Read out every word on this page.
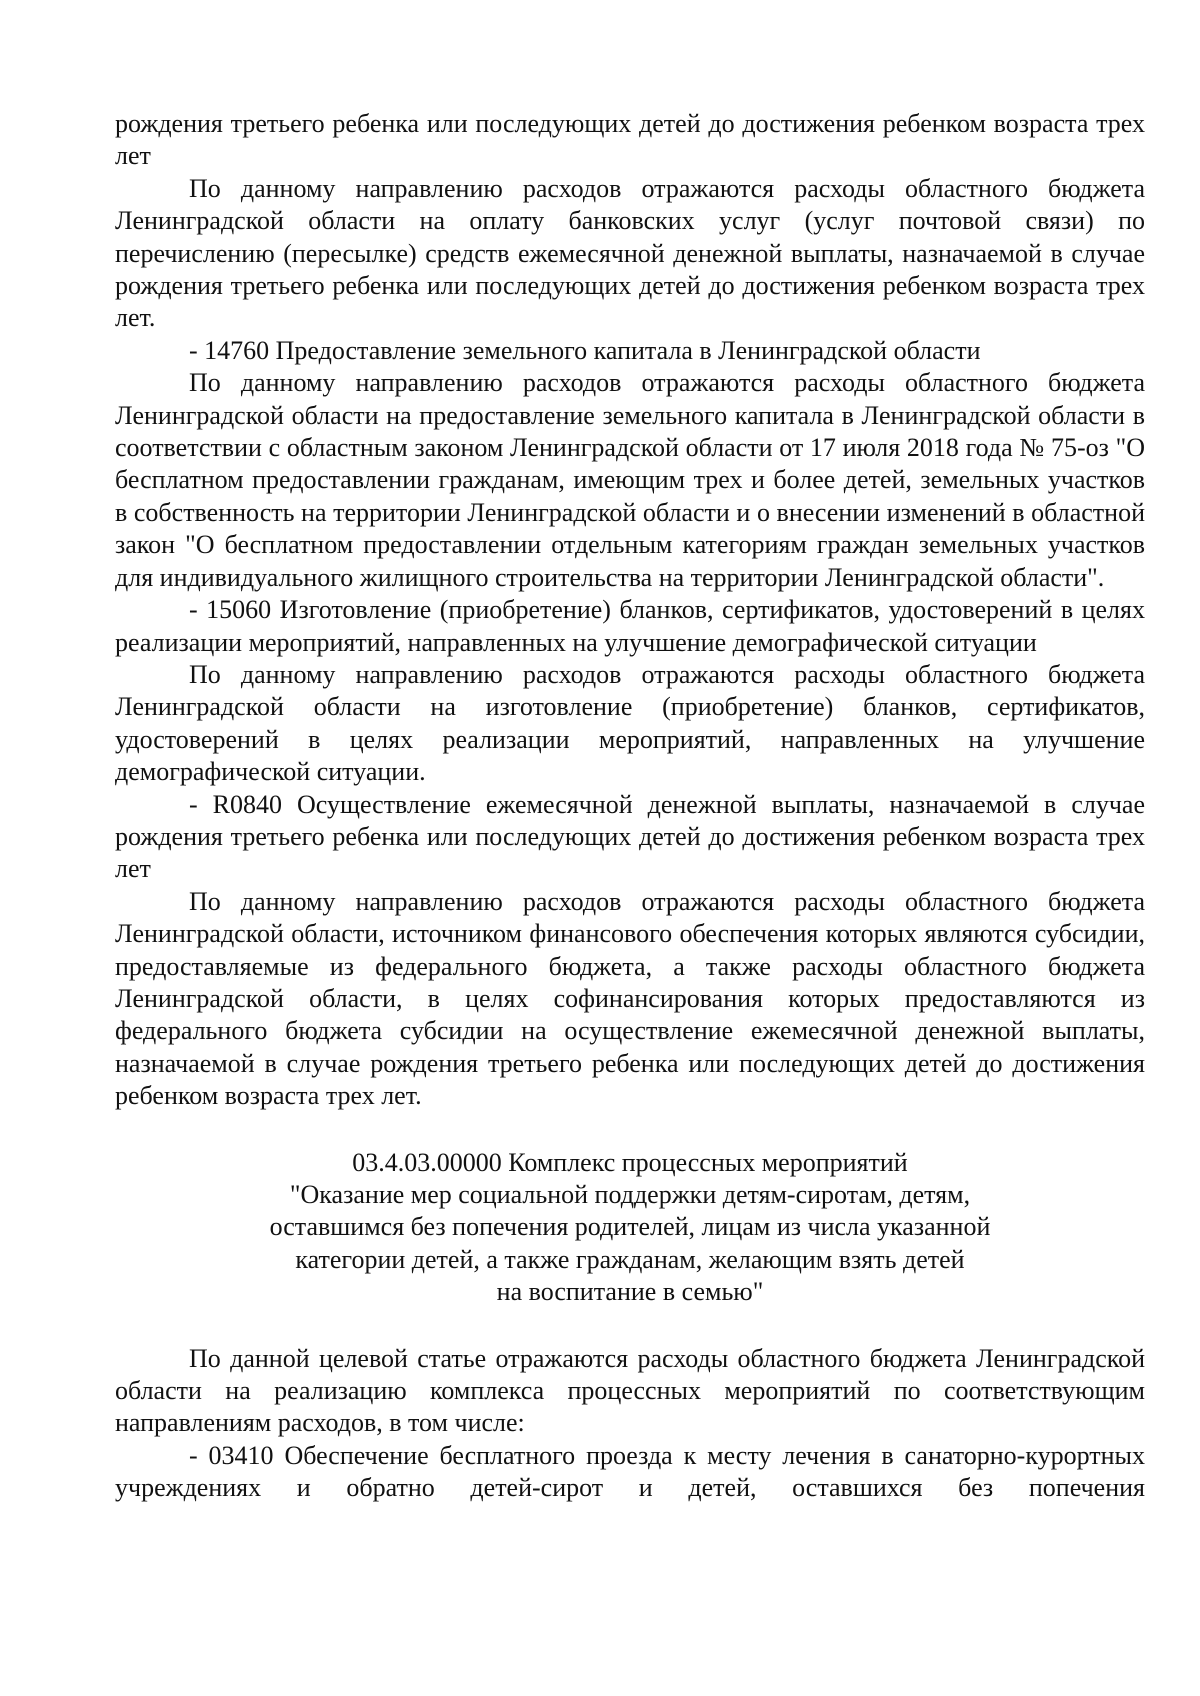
рождения третьего ребенка или последующих детей до достижения ребенком возраста трех лет

По данному направлению расходов отражаются расходы областного бюджета Ленинградской области на оплату банковских услуг (услуг почтовой связи) по перечислению (пересылке) средств ежемесячной денежной выплаты, назначаемой в случае рождения третьего ребенка или последующих детей до достижения ребенком возраста трех лет.

- 14760 Предоставление земельного капитала в Ленинградской области

По данному направлению расходов отражаются расходы областного бюджета Ленинградской области на предоставление земельного капитала в Ленинградской области в соответствии с областным законом Ленинградской области от 17 июля 2018 года № 75-оз "О бесплатном предоставлении гражданам, имеющим трех и более детей, земельных участков в собственность на территории Ленинградской области и о внесении изменений в областной закон "О бесплатном предоставлении отдельным категориям граждан земельных участков для индивидуального жилищного строительства на территории Ленинградской области".

- 15060 Изготовление (приобретение) бланков, сертификатов, удостоверений в целях реализации мероприятий, направленных на улучшение демографической ситуации

По данному направлению расходов отражаются расходы областного бюджета Ленинградской области на изготовление (приобретение) бланков, сертификатов, удостоверений в целях реализации мероприятий, направленных на улучшение демографической ситуации.

- R0840 Осуществление ежемесячной денежной выплаты, назначаемой в случае рождения третьего ребенка или последующих детей до достижения ребенком возраста трех лет

По данному направлению расходов отражаются расходы областного бюджета Ленинградской области, источником финансового обеспечения которых являются субсидии, предоставляемые из федерального бюджета, а также расходы областного бюджета Ленинградской области, в целях софинансирования которых предоставляются из федерального бюджета субсидии на осуществление ежемесячной денежной выплаты, назначаемой в случае рождения третьего ребенка или последующих детей до достижения ребенком возраста трех лет.

03.4.03.00000 Комплекс процессных мероприятий
"Оказание мер социальной поддержки детям-сиротам, детям,
оставшимся без попечения родителей, лицам из числа указанной
категории детей, а также гражданам, желающим взять детей
на воспитание в семью"

По данной целевой статье отражаются расходы областного бюджета Ленинградской области на реализацию комплекса процессных мероприятий по соответствующим направлениям расходов, в том числе:

- 03410 Обеспечение бесплатного проезда к месту лечения в санаторно-курортных учреждениях и обратно детей-сирот и детей, оставшихся без попечения
